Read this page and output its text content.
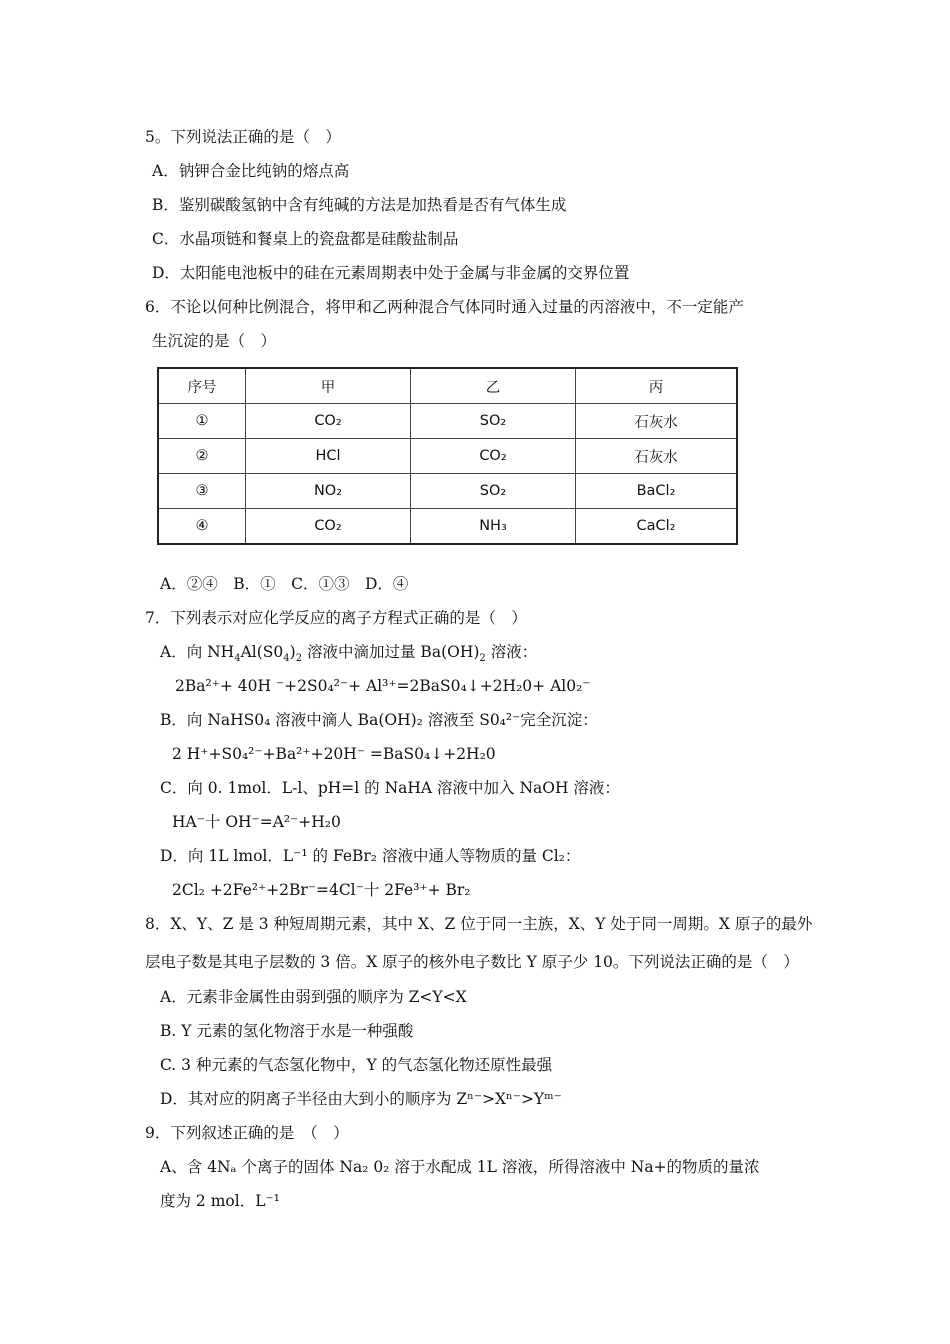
5。下列说法正确的是（　）
A．钠钾合金比纯钠的熔点高
B．鉴别碳酸氢钠中含有纯碱的方法是加热看是否有气体生成
C．水晶项链和餐桌上的瓷盘都是硅酸盐制品
D．太阳能电池板中的硅在元素周期表中处于金属与非金属的交界位置
6．不论以何种比例混合，将甲和乙两种混合气体同时通入过量的丙溶液中，不一定能产
生沉淀的是（　）
序号	甲	乙	丙
①	CO₂	SO₂	石灰水
②	HCl	CO₂	石灰水
③	NO₂	SO₂	BaCl₂
④	CO₂	NH₃	CaCl₂
A．②④　B．①　C．①③　D．④
7．下列表示对应化学反应的离子方程式正确的是（　）
A．向 $NH_4Al(S0_4)_2$ 溶液中滴加过量 $Ba(OH)_2$ 溶液：
2Ba²⁺+ 40H ⁻+2S0₄²⁻+ Al³⁺=2BaS0₄↓+2H₂0+ Al0₂⁻
B．向 NaHS0₄ 溶液中滴人 Ba(OH)₂ 溶液至 S0₄²⁻完全沉淀：
2 H⁺+S0₄²⁻+Ba²⁺+20H⁻ =BaS0₄↓+2H₂0
C．向 0. 1mol．L-l、pH=l 的 NaHA 溶液中加入 NaOH 溶液：
HA⁻十 OH⁻=A²⁻+H₂0
D．向 1L lmol．L⁻¹ 的 FeBr₂ 溶液中通人等物质的量 Cl₂：
2Cl₂ +2Fe²⁺+2Br⁻=4Cl⁻十 2Fe³⁺+ Br₂
8．X、Y、Z 是 3 种短周期元素，其中 X、Z 位于同一主族，X、Y 处于同一周期。X 原子的最外
层电子数是其电子层数的 3 倍。X 原子的核外电子数比 Y 原子少 10。下列说法正确的是（　）
A．元素非金属性由弱到强的顺序为 Z<Y<X
B. Y 元素的氢化物溶于水是一种强酸
C. 3 种元素的气态氢化物中，Y 的气态氢化物还原性最强
D．其对应的阴离子半径由大到小的顺序为 Zⁿ⁻>Xⁿ⁻>Yᵐ⁻
9．下列叙述正确的是　（　）
A、含 4Nₐ 个离子的固体 Na₂ 0₂ 溶于水配成 1L 溶液，所得溶液中 Na+的物质的量浓
度为 2 mol．L⁻¹
